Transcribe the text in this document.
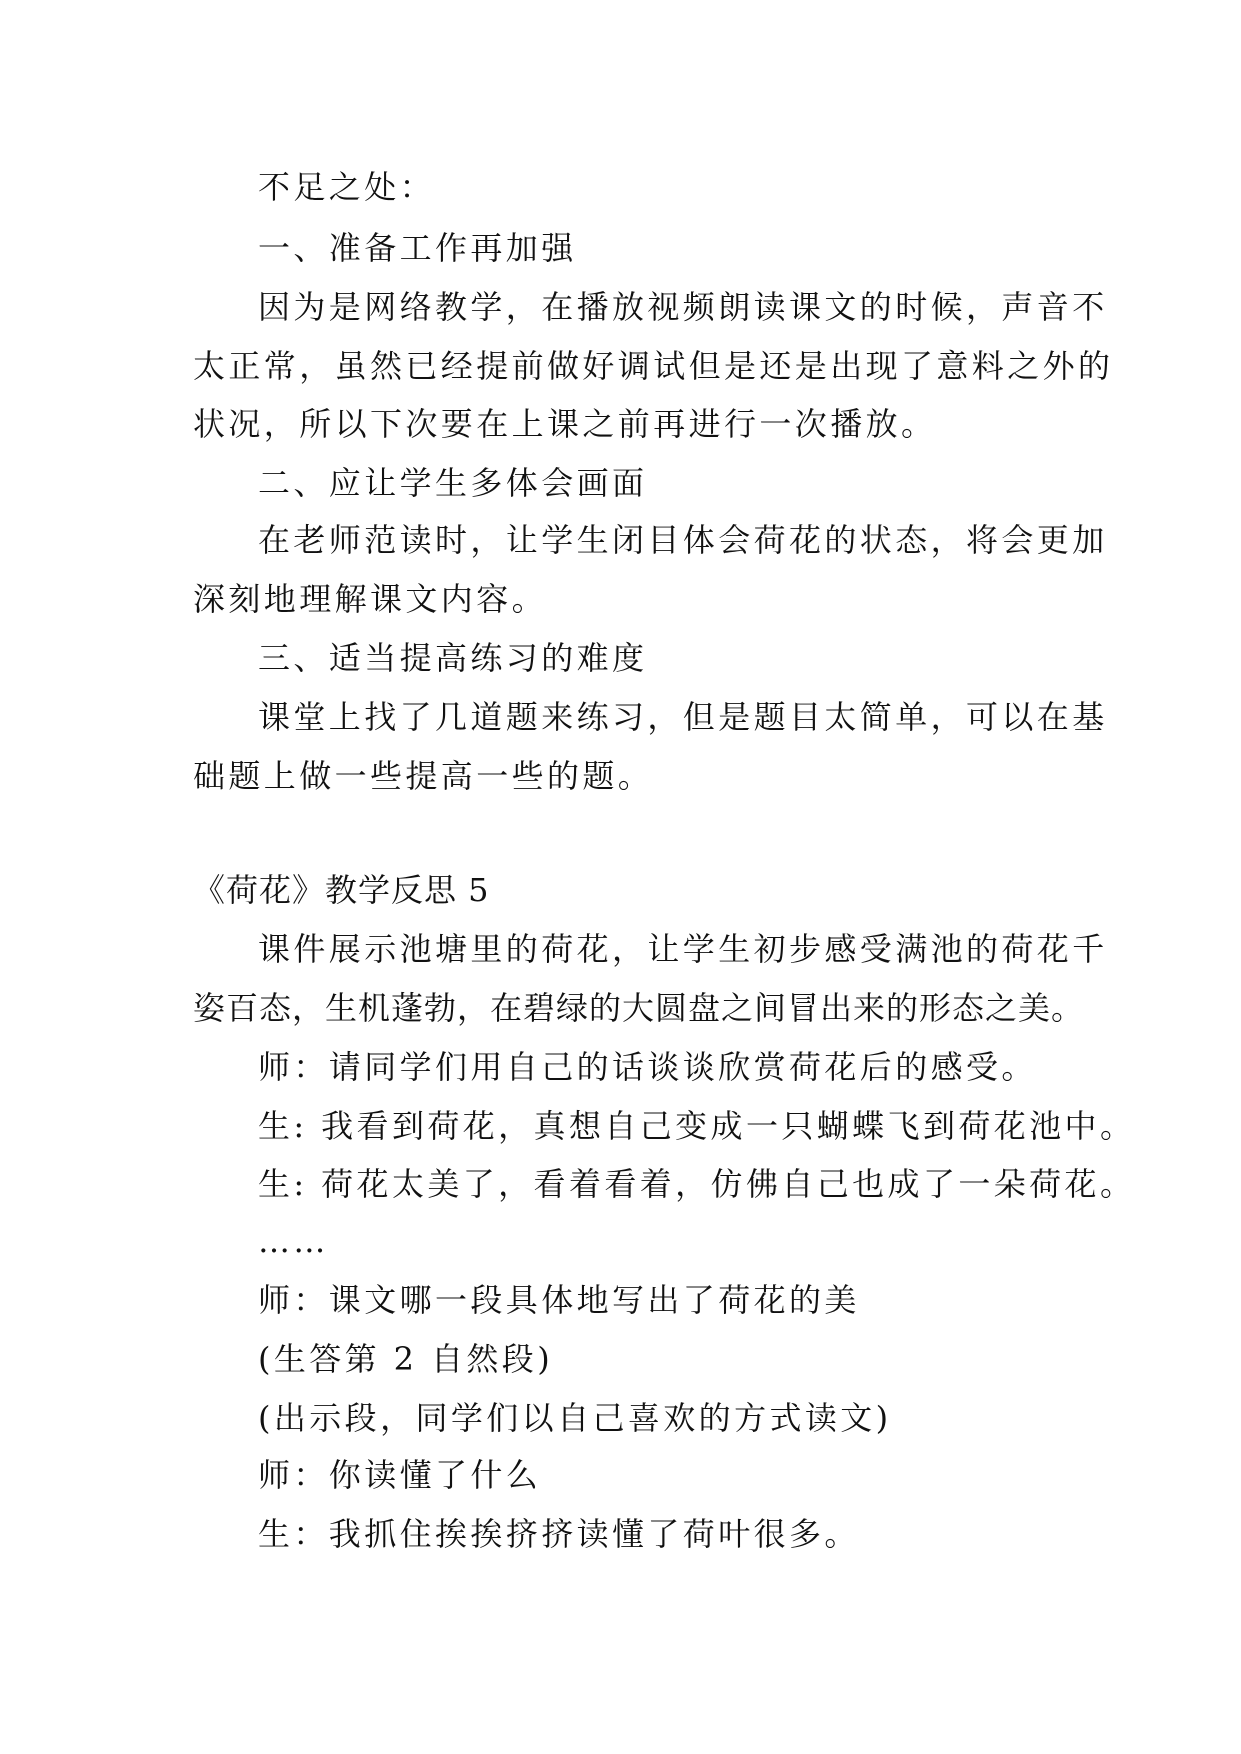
不足之处：
一、准备工作再加强
因为是网络教学，在播放视频朗读课文的时候，声音不
太正常，虽然已经提前做好调试但是还是出现了意料之外的
状况，所以下次要在上课之前再进行一次播放。
二、应让学生多体会画面
在老师范读时，让学生闭目体会荷花的状态，将会更加
深刻地理解课文内容。
三、适当提高练习的难度
课堂上找了几道题来练习，但是题目太简单，可以在基
础题上做一些提高一些的题。
《荷花》教学反思 5
课件展示池塘里的荷花，让学生初步感受满池的荷花千
姿百态，生机蓬勃，在碧绿的大圆盘之间冒出来的形态之美。
师：请同学们用自己的话谈谈欣赏荷花后的感受。
生: 我看到荷花，真想自己变成一只蝴蝶飞到荷花池中。
生: 荷花太美了，看着看着，仿佛自己也成了一朵荷花。
……
师：课文哪一段具体地写出了荷花的美
(生答第 2 自然段)
(出示段，同学们以自己喜欢的方式读文)
师：你读懂了什么
生：我抓住挨挨挤挤读懂了荷叶很多。
